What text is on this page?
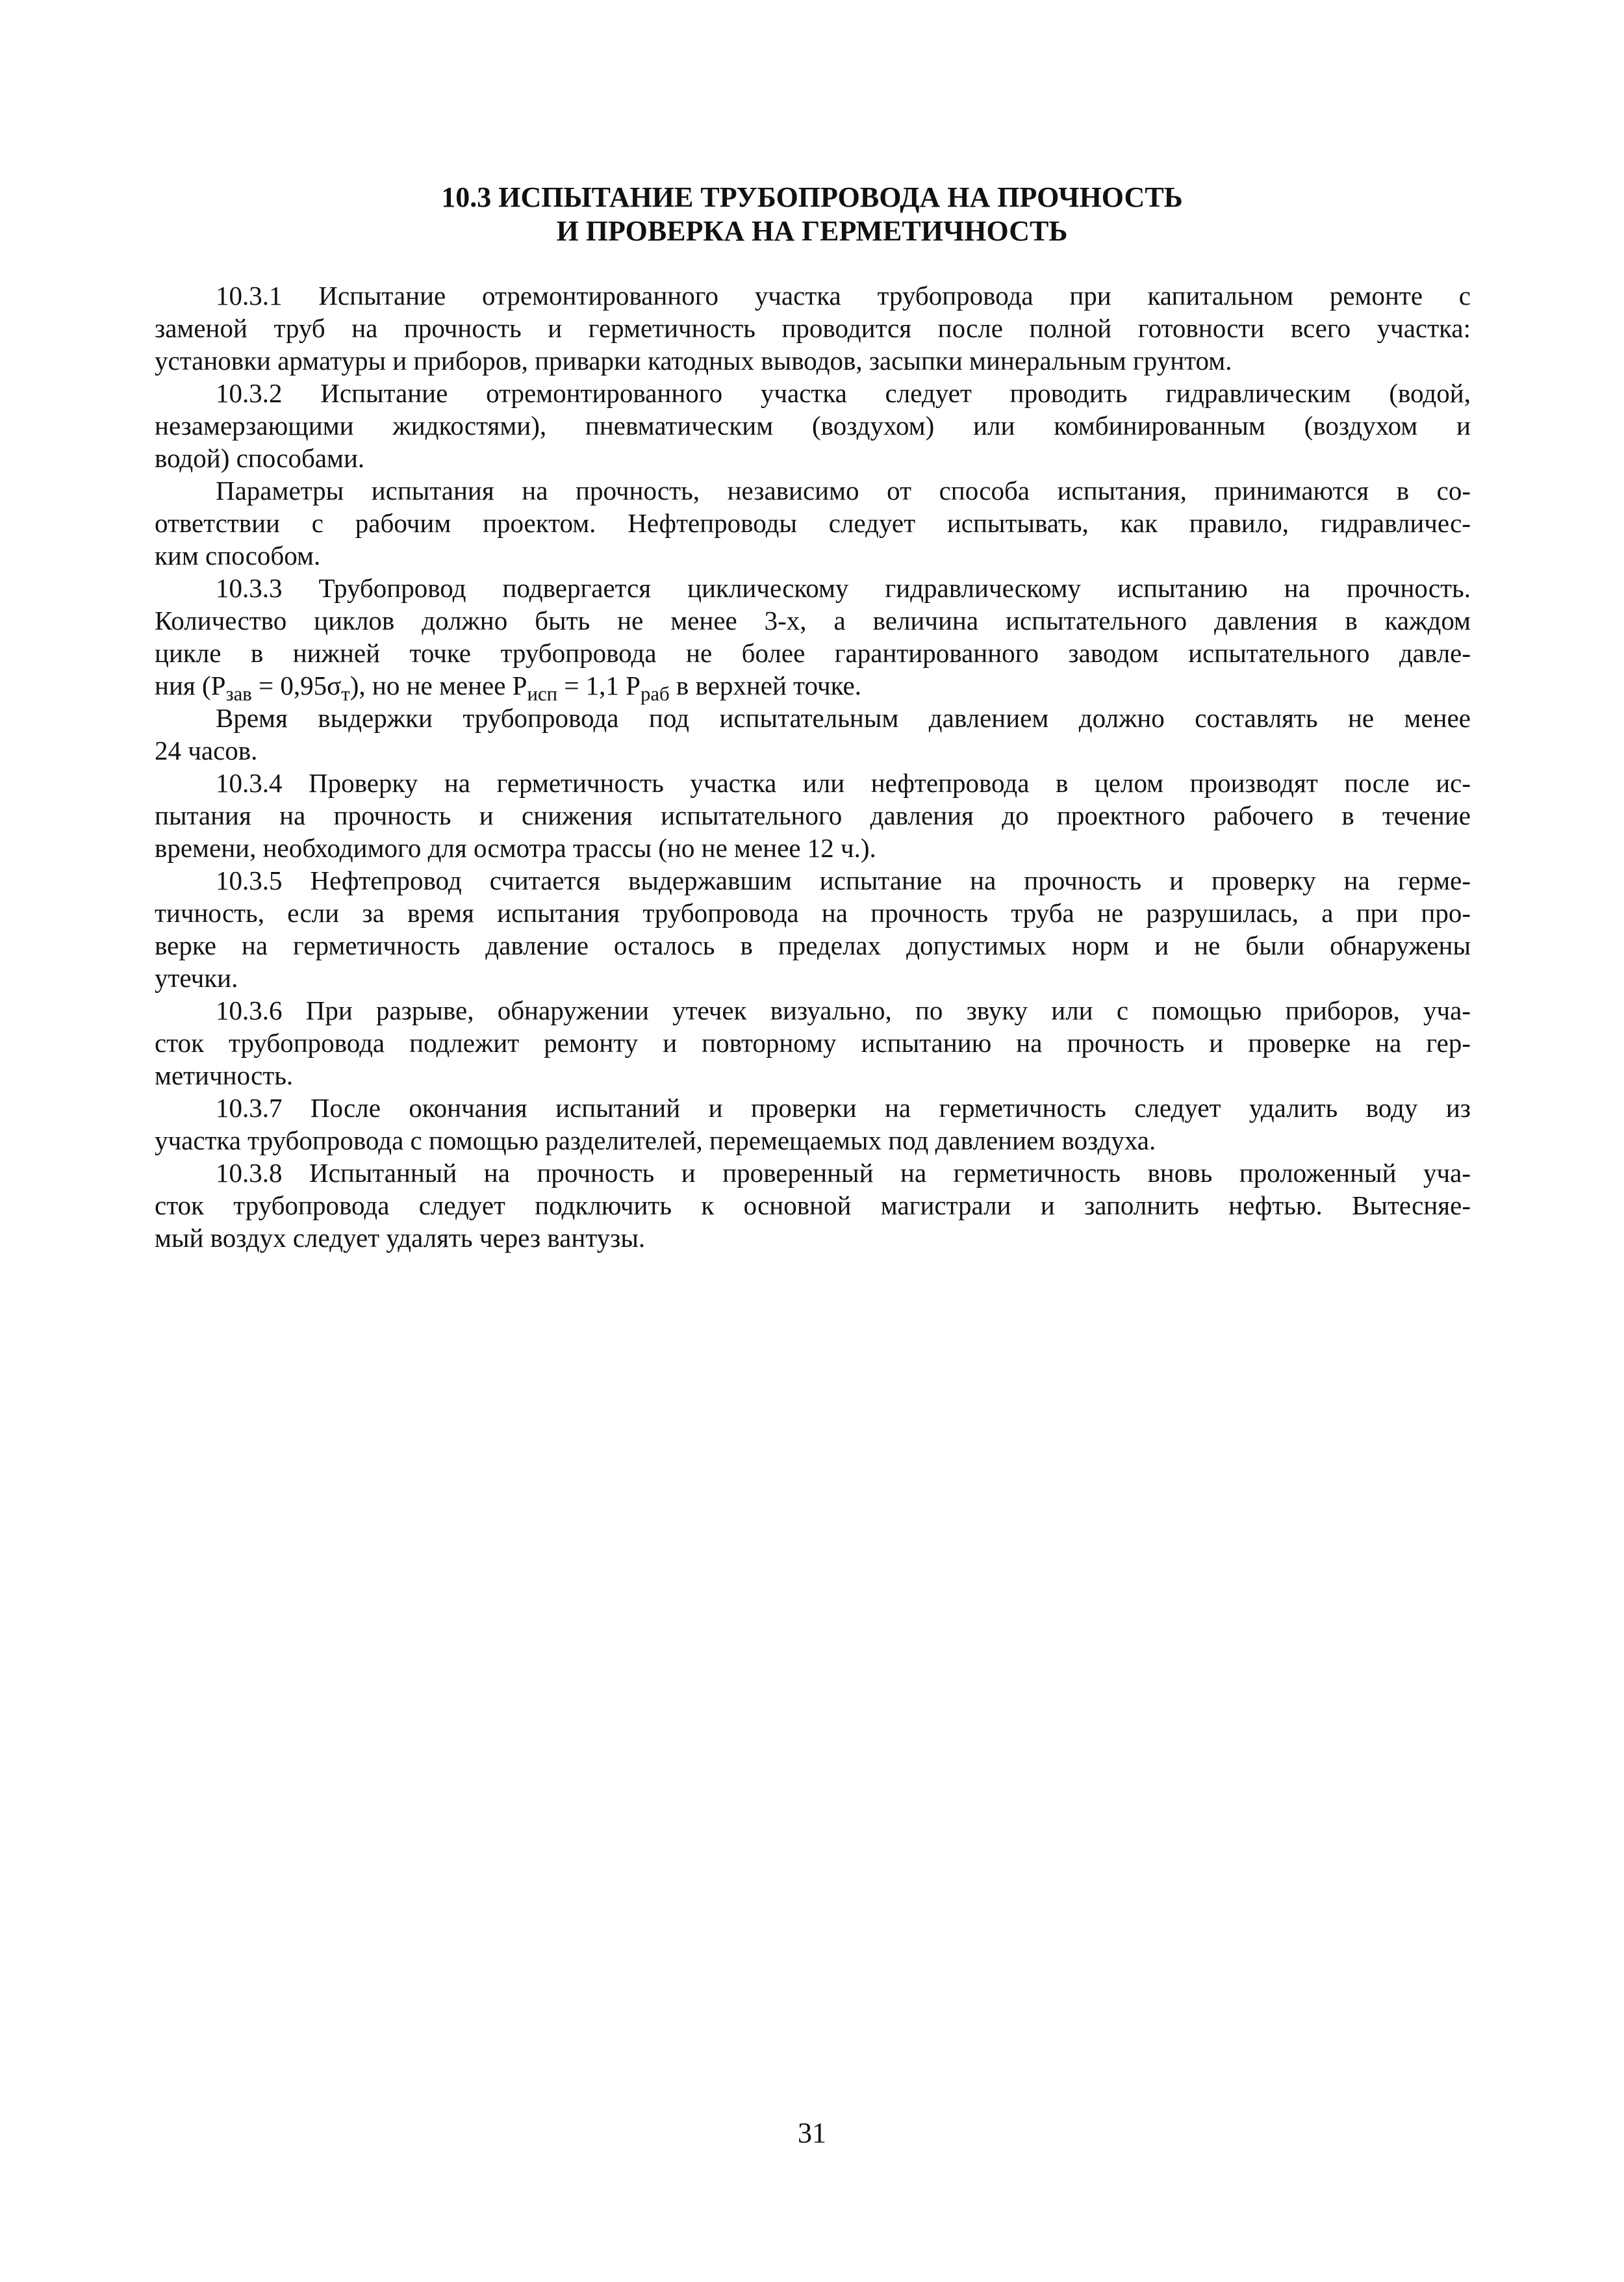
10.3 ИСПЫТАНИЕ ТРУБОПРОВОДА НА ПРОЧНОСТЬ
И ПРОВЕРКА НА ГЕРМЕТИЧНОСТЬ
10.3.1 Испытание отремонтированного участка трубопровода при капитальном ремонте с
заменой труб на прочность и герметичность проводится после полной готовности всего участка:
установки арматуры и приборов, приварки катодных выводов, засыпки минеральным грунтом.
10.3.2 Испытание отремонтированного участка следует проводить гидравлическим (водой,
незамерзающими жидкостями), пневматическим (воздухом) или комбинированным (воздухом и
водой) способами.
Параметры испытания на прочность, независимо от способа испытания, принимаются в со-
ответствии с рабочим проектом. Нефтепроводы следует испытывать, как правило, гидравличес-
ким способом.
10.3.3 Трубопровод подвергается циклическому гидравлическому испытанию на прочность.
Количество циклов должно быть не менее 3-х, а величина испытательного давления в каждом
цикле в нижней точке трубопровода не более гарантированного заводом испытательного давле-
ния $(P_{зав} = 0,95\sigma_т)$, но не менее $P_{исп} = 1,1$ $P_{раб}$ в верхней точке.
Время выдержки трубопровода под испытательным давлением должно составлять не менее
24 часов.
10.3.4 Проверку на герметичность участка или нефтепровода в целом производят после ис-
пытания на прочность и снижения испытательного давления до проектного рабочего в течение
времени, необходимого для осмотра трассы (но не менее 12 ч.).
10.3.5 Нефтепровод считается выдержавшим испытание на прочность и проверку на герме-
тичность, если за время испытания трубопровода на прочность труба не разрушилась, а при про-
верке на герметичность давление осталось в пределах допустимых норм и не были обнаружены
утечки.
10.3.6 При разрыве, обнаружении утечек визуально, по звуку или с помощью приборов, уча-
сток трубопровода подлежит ремонту и повторному испытанию на прочность и проверке на гер-
метичность.
10.3.7 После окончания испытаний и проверки на герметичность следует удалить воду из
участка трубопровода с помощью разделителей, перемещаемых под давлением воздуха.
10.3.8 Испытанный на прочность и проверенный на герметичность вновь проложенный уча-
сток трубопровода следует подключить к основной магистрали и заполнить нефтью. Вытесняе-
мый воздух следует удалять через вантузы.
31
